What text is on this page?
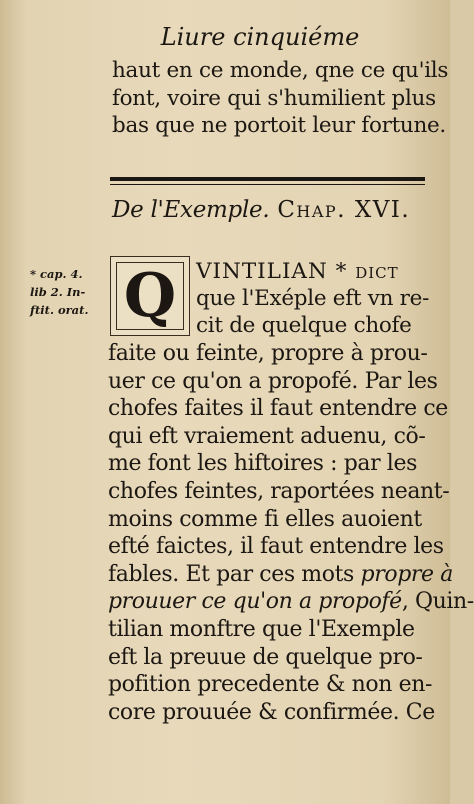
Liure cinquiéme
haut en ce monde, qne ce qu'ils
font, voire qui s'humilient plus
bas que ne portoit leur fortune.
De l'Exemple. Chap. XVI.
* cap. 4.
lib 2. In-
ftit. orat. Q VINTILIAN * dict
que l'Exéple eft vn re-
cit de quelque chofe
faite ou feinte, propre à prou-
uer ce qu'on a propofé. Par les
chofes faites il faut entendre ce
qui eft vraiement aduenu, cõ-
me font les hiftoires : par les
chofes feintes, raportées neant-
moins comme fi elles auoient
efté faictes, il faut entendre les
fables. Et par ces mots propre à
prouuer ce qu'on a propofé, Quin-
tilian monftre que l'Exemple
eft la preuue de quelque pro-
pofition precedente & non en-
core prouuée & confirmée. Ce
